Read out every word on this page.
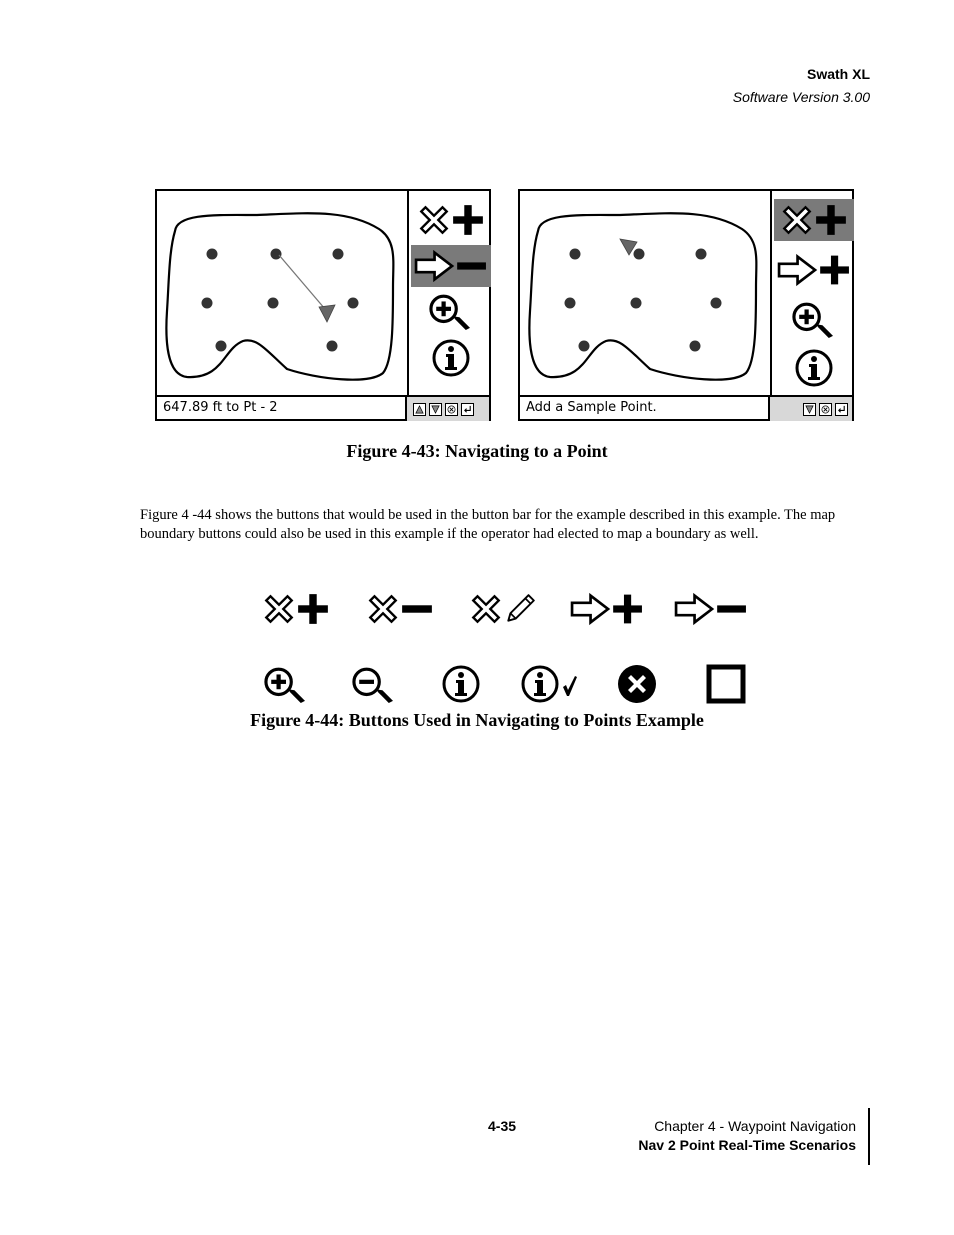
Swath XL
Software Version 3.00
647.89 ft to Pt - 2	Add a Sample Point.
Figure 4-43: Navigating to a Point
Figure 4 -44 shows the buttons that would be used in the button bar for the example described in this example. The map boundary buttons could also be used in this example if the operator had elected to map a boundary as well.
Figure 4-44: Buttons Used in Navigating to Points Example
4-35	Chapter 4 - Waypoint Navigation
Nav 2 Point Real-Time Scenarios
